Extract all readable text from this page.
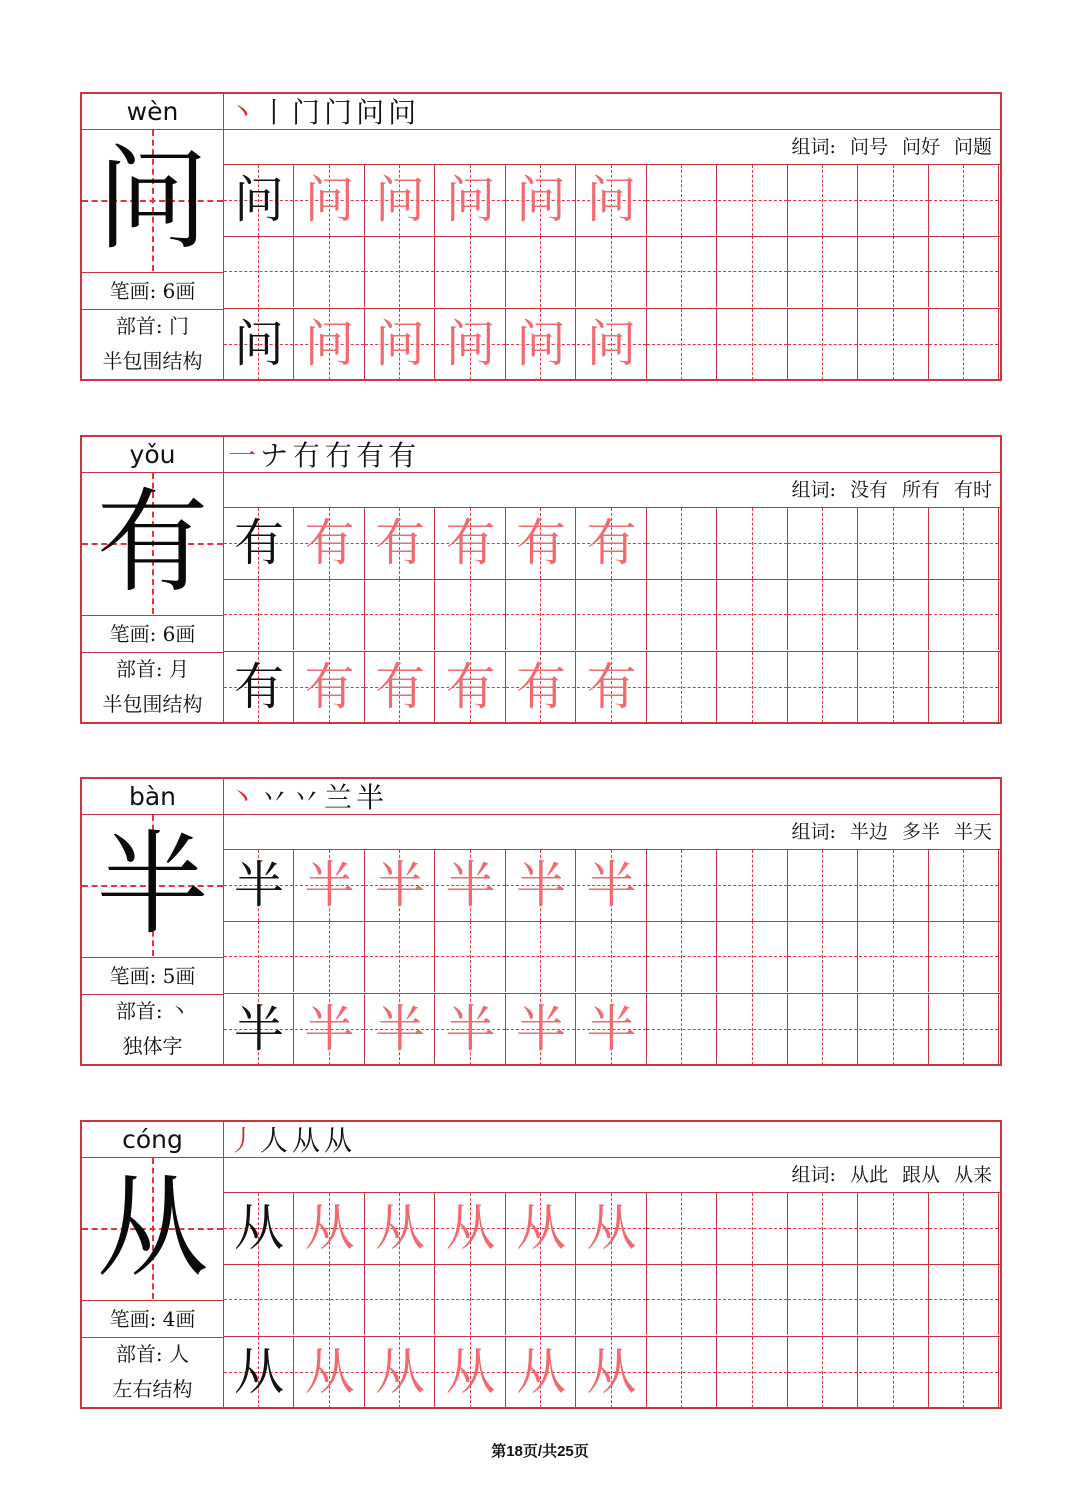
wèn
问
笔画: 6画
部首: 门
半包围结构
丶丨门门问问
组词: 问号 问好 问题
问 问 问 问 问 问
问 问 问 问 问 问
yǒu
有
笔画: 6画
部首: 月
半包围结构
一ナ冇冇有有
组词: 没有 所有 有时
有 有 有 有 有 有
有 有 有 有 有 有
bàn
半
笔画: 5画
部首: 丶
独体字
丶丷丷兰半
组词: 半边 多半 半天
半 半 半 半 半 半
半 半 半 半 半 半
cóng
从
笔画: 4画
部首: 人
左右结构
丿人从从
组词: 从此 跟从 从来
从 从 从 从 从 从
从 从 从 从 从 从
第18页/共25页
